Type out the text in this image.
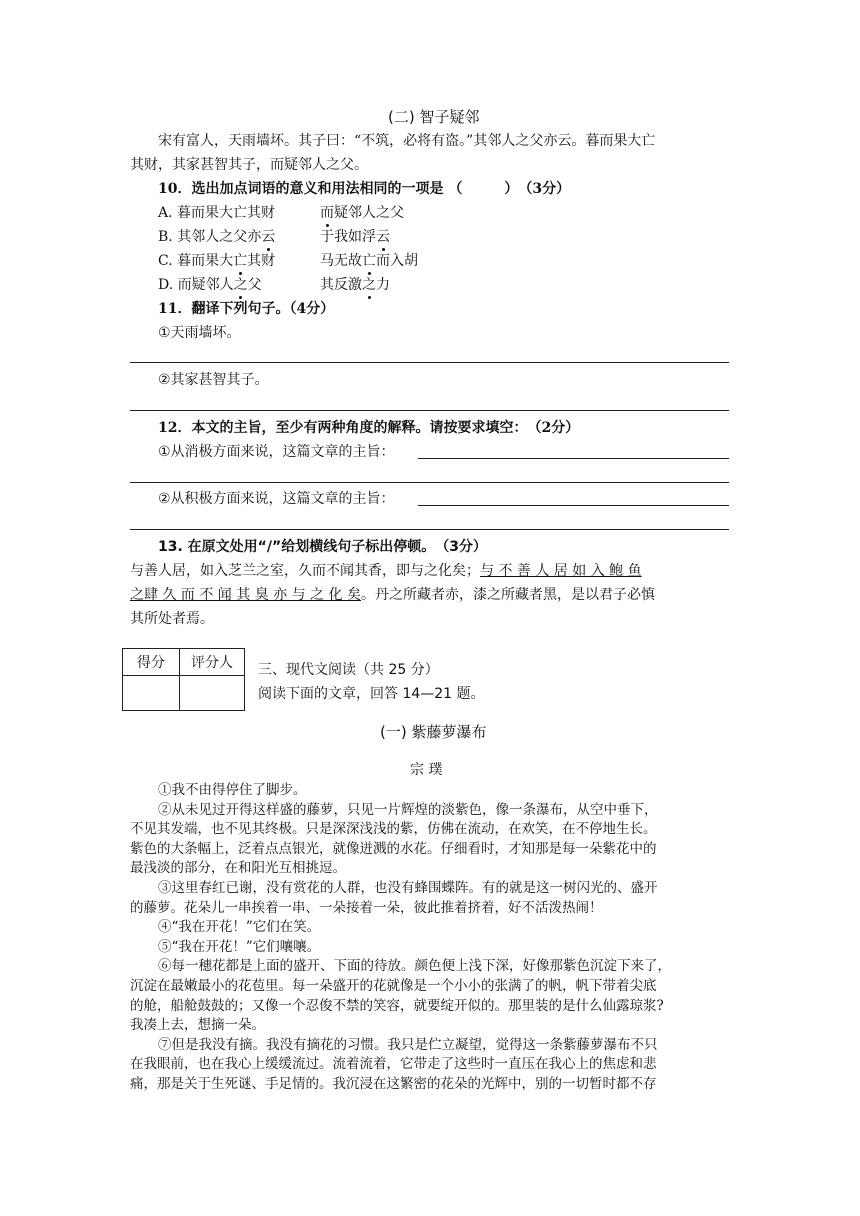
(二) 智子疑邻
宋有富人，天雨墙坏。其子曰：“不筑，必将有盗。”其邻人之父亦云。暮而果大亡
其财，其家甚智其子，而疑邻人之父。
10．选出加点词语的意义和用法相同的一项是 （　　　）　（3分）
A. 暮而果大亡其财	而疑邻人之父
B. 其邻人之父亦云	于我如浮云
C. 暮而果大亡其财	马无故亡而入胡
D. 而疑邻人之父	其反激之力
11．翻译下列句子。（4分）
①天雨墙坏。
②其家甚智其子。
12．本文的主旨，至少有两种角度的解释。请按要求填空：　（2分）
①从消极方面来说，这篇文章的主旨：
②从积极方面来说，这篇文章的主旨：
13. 在原文处用“/”给划横线句子标出停顿。　（3分）
与善人居，如入芝兰之室，久而不闻其香，即与之化矣；与 不 善 人 居 如 入 鲍 鱼
之肆 久 而 不 闻 其 臭 亦 与 之 化 矣。丹之所藏者赤，漆之所藏者黑，是以君子必慎
其所处者焉。
得分	评分人
	三、现代文阅读（共 25 分）
阅读下面的文章，回答 14—21 题。
(一) 紫藤萝瀑布
宗 璞
①我不由得停住了脚步。
②从未见过开得这样盛的藤萝，只见一片辉煌的淡紫色，像一条瀑布，从空中垂下，
不见其发端，也不见其终极。只是深深浅浅的紫，仿佛在流动，在欢笑，在不停地生长。
紫色的大条幅上，泛着点点银光，就像迸溅的水花。仔细看时，才知那是每一朵紫花中的
最浅淡的部分，在和阳光互相挑逗。
③这里春红已谢，没有赏花的人群，也没有蜂围蝶阵。有的就是这一树闪光的、盛开
的藤萝。花朵儿一串挨着一串、一朵接着一朵，彼此推着挤着，好不活泼热闹！
④“我在开花！”它们在笑。
⑤“我在开花！”它们嚷嚷。
⑥每一穗花都是上面的盛开、下面的待放。颜色便上浅下深，好像那紫色沉淀下来了，
沉淀在最嫩最小的花苞里。每一朵盛开的花就像是一个小小的张满了的帆，帆下带着尖底
的舱，船舱鼓鼓的；又像一个忍俊不禁的笑容，就要绽开似的。那里装的是什么仙露琼浆?
我凑上去，想摘一朵。
⑦但是我没有摘。我没有摘花的习惯。我只是伫立凝望，觉得这一条紫藤萝瀑布不只
在我眼前，也在我心上缓缓流过。流着流着，它带走了这些时一直压在我心上的焦虑和悲
痛，那是关于生死谜、手足情的。我沉浸在这繁密的花朵的光辉中，别的一切暂时都不存
